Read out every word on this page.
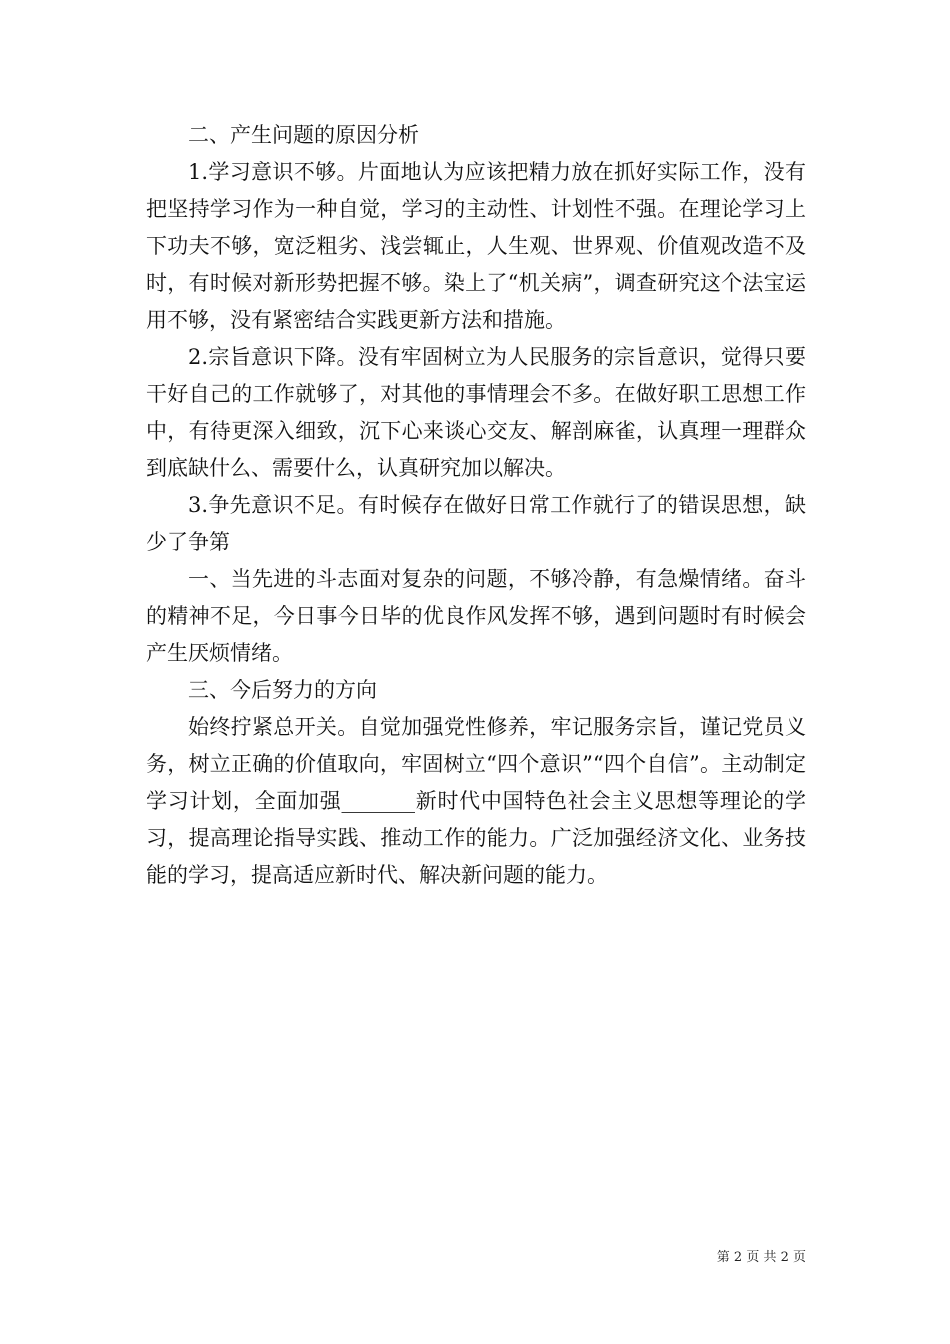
二、产生问题的原因分析

1.学习意识不够。片面地认为应该把精力放在抓好实际工作，没有把坚持学习作为一种自觉，学习的主动性、计划性不强。在理论学习上下功夫不够，宽泛粗劣、浅尝辄止，人生观、世界观、价值观改造不及时，有时候对新形势把握不够。染上了“机关病”，调查研究这个法宝运用不够，没有紧密结合实践更新方法和措施。

2.宗旨意识下降。没有牢固树立为人民服务的宗旨意识，觉得只要干好自己的工作就够了，对其他的事情理会不多。在做好职工思想工作中，有待更深入细致，沉下心来谈心交友、解剖麻雀，认真理一理群众到底缺什么、需要什么，认真研究加以解决。

3.争先意识不足。有时候存在做好日常工作就行了的错误思想，缺少了争第

一、当先进的斗志面对复杂的问题，不够冷静，有急燥情绪。奋斗的精神不足，今日事今日毕的优良作风发挥不够，遇到问题时有时候会产生厌烦情绪。

三、今后努力的方向

始终拧紧总开关。自觉加强党性修养，牢记服务宗旨，谨记党员义务，树立正确的价值取向，牢固树立“四个意识”“四个自信”。主动制定学习计划，全面加强_______新时代中国特色社会主义思想等理论的学习，提高理论指导实践、推动工作的能力。广泛加强经济文化、业务技能的学习，提高适应新时代、解决新问题的能力。

第 2 页 共 2 页
